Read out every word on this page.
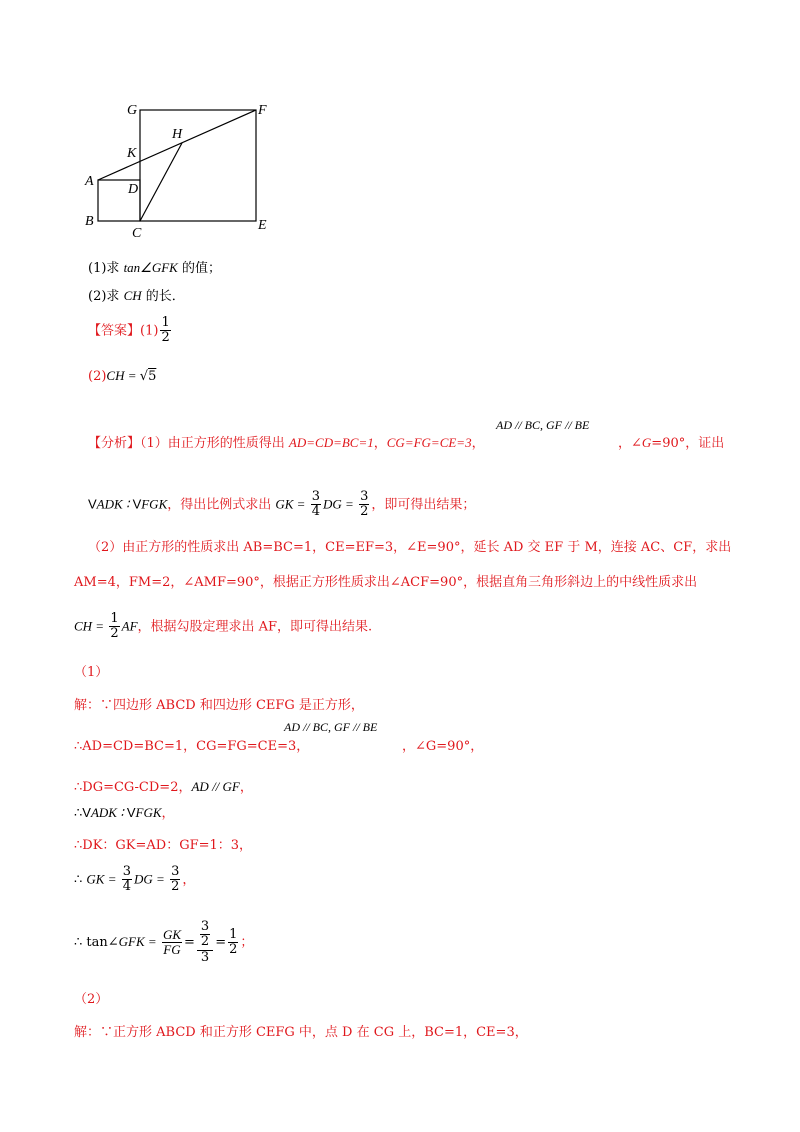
G	F
H
K
A
D
B
C
E
(1)求 tan∠GFK 的值；
(2)求 CH 的长．
【答案】$(1) \frac{1}{2}$
(2)CH = √5
【分析】（1）由正方形的性质得出 AD=CD=BC=1，CG=FG=CE=3，
AD // BC, GF // BE
，∠G=90°，证出
VADK ∶ VFGK，得出比例式求出 GK = $\frac{3}{4}$ DG = $\frac{3}{2}$ ，即可得出结果；
（2）由正方形的性质求出 AB=BC=1，CE=EF=3，∠E=90°，延长 AD 交 EF 于 M，连接 AC、CF，求出
AM=4，FM=2，∠AMF=90°，根据正方形性质求出∠ACF=90°，根据直角三角形斜边上的中线性质求出
CH = $\frac{1}{2}$ AF，根据勾股定理求出 AF，即可得出结果.
（1）
解：∵四边形 ABCD 和四边形 CEFG 是正方形，
∴AD=CD=BC=1，CG=FG=CE=3，
AD // BC, GF // BE
，∠G=90°，
∴DG=CG-CD=2，AD // GF，
∴VADK ∶ VFGK，
∴DK：GK=AD：GF=1：3，
∴ GK = $\frac{3}{4}$ DG = $\frac{3}{2}$ ，
∴ tan∠GFK = $\frac{GK}{FG} = \frac{\frac{3}{2}}{3} = \frac{1}{2}$ ；
（2）
解：∵正方形 ABCD 和正方形 CEFG 中，点 D 在 CG 上，BC=1，CE=3，
